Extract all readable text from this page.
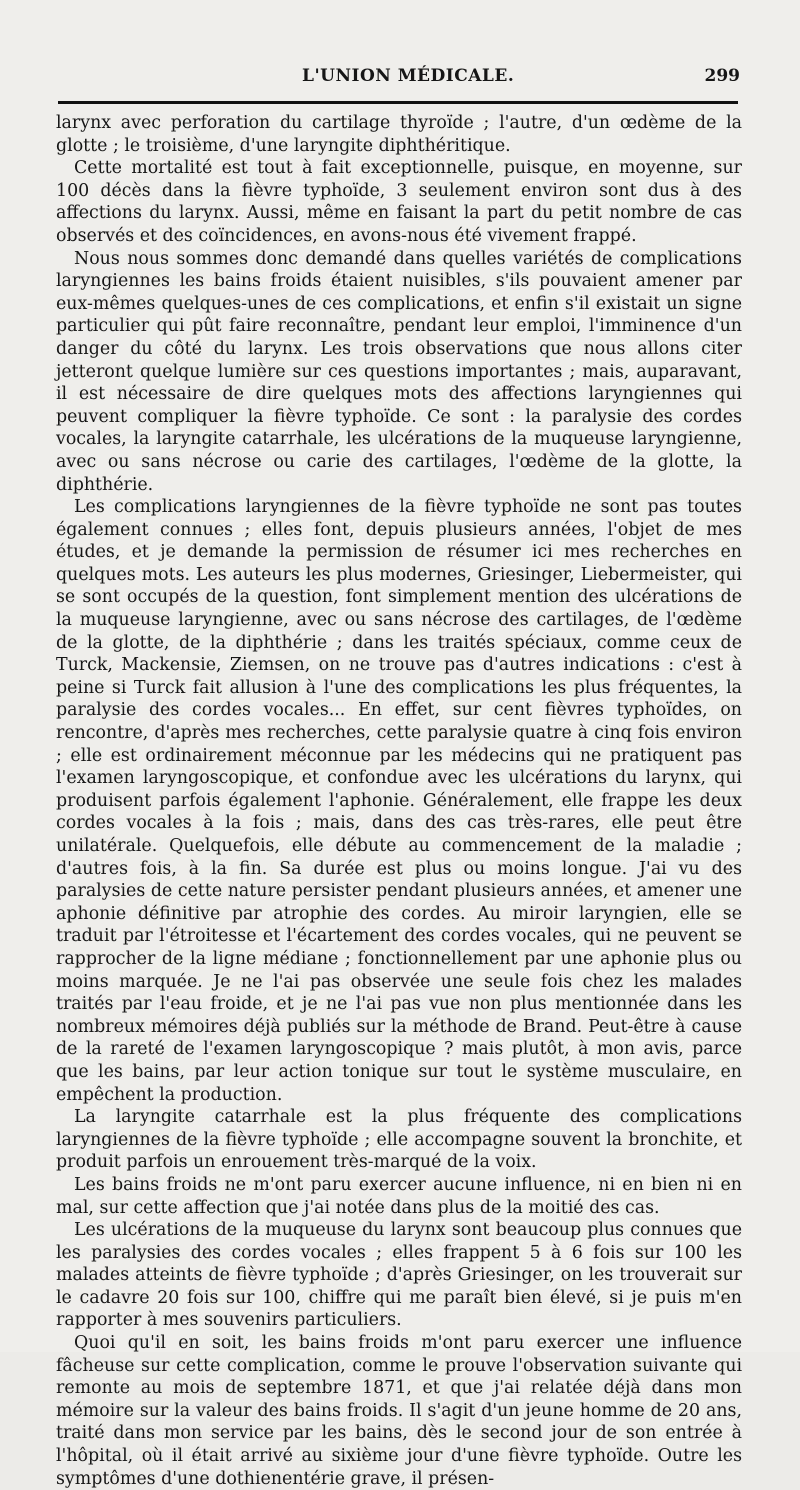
L'UNION MÉDICALE.	299

larynx avec perforation du cartilage thyroïde ; l'autre, d'un œdème de la glotte ; le troisième, d'une laryngite diphthéritique.

Cette mortalité est tout à fait exceptionnelle, puisque, en moyenne, sur 100 décès dans la fièvre typhoïde, 3 seulement environ sont dus à des affections du larynx. Aussi, même en faisant la part du petit nombre de cas observés et des coïncidences, en avons-nous été vivement frappé.

Nous nous sommes donc demandé dans quelles variétés de complications laryngiennes les bains froids étaient nuisibles, s'ils pouvaient amener par eux-mêmes quelques-unes de ces complications, et enfin s'il existait un signe particulier qui pût faire reconnaître, pendant leur emploi, l'imminence d'un danger du côté du larynx. Les trois observations que nous allons citer jetteront quelque lumière sur ces questions importantes ; mais, auparavant, il est nécessaire de dire quelques mots des affections laryngiennes qui peuvent compliquer la fièvre typhoïde. Ce sont : la paralysie des cordes vocales, la laryngite catarrhale, les ulcérations de la muqueuse laryngienne, avec ou sans nécrose ou carie des cartilages, l'œdème de la glotte, la diphthérie.

Les complications laryngiennes de la fièvre typhoïde ne sont pas toutes également connues ; elles font, depuis plusieurs années, l'objet de mes études, et je demande la permission de résumer ici mes recherches en quelques mots. Les auteurs les plus modernes, Griesinger, Liebermeister, qui se sont occupés de la question, font simplement mention des ulcérations de la muqueuse laryngienne, avec ou sans nécrose des cartilages, de l'œdème de la glotte, de la diphthérie ; dans les traités spéciaux, comme ceux de Turck, Mackensie, Ziemsen, on ne trouve pas d'autres indications : c'est à peine si Turck fait allusion à l'une des complications les plus fréquentes, la paralysie des cordes vocales... En effet, sur cent fièvres typhoïdes, on rencontre, d'après mes recherches, cette paralysie quatre à cinq fois environ ; elle est ordinairement méconnue par les médecins qui ne pratiquent pas l'examen laryngoscopique, et confondue avec les ulcérations du larynx, qui produisent parfois également l'aphonie. Généralement, elle frappe les deux cordes vocales à la fois ; mais, dans des cas très-rares, elle peut être unilatérale. Quelquefois, elle débute au commencement de la maladie ; d'autres fois, à la fin. Sa durée est plus ou moins longue. J'ai vu des paralysies de cette nature persister pendant plusieurs années, et amener une aphonie définitive par atrophie des cordes. Au miroir laryngien, elle se traduit par l'étroitesse et l'écartement des cordes vocales, qui ne peuvent se rapprocher de la ligne médiane ; fonctionnellement par une aphonie plus ou moins marquée. Je ne l'ai pas observée une seule fois chez les malades traités par l'eau froide, et je ne l'ai pas vue non plus mentionnée dans les nombreux mémoires déjà publiés sur la méthode de Brand. Peut-être à cause de la rareté de l'examen laryngoscopique ? mais plutôt, à mon avis, parce que les bains, par leur action tonique sur tout le système musculaire, en empêchent la production.

La laryngite catarrhale est la plus fréquente des complications laryngiennes de la fièvre typhoïde ; elle accompagne souvent la bronchite, et produit parfois un enrouement très-marqué de la voix.

Les bains froids ne m'ont paru exercer aucune influence, ni en bien ni en mal, sur cette affection que j'ai notée dans plus de la moitié des cas.

Les ulcérations de la muqueuse du larynx sont beaucoup plus connues que les paralysies des cordes vocales ; elles frappent 5 à 6 fois sur 100 les malades atteints de fièvre typhoïde ; d'après Griesinger, on les trouverait sur le cadavre 20 fois sur 100, chiffre qui me paraît bien élevé, si je puis m'en rapporter à mes souvenirs particuliers.

Quoi qu'il en soit, les bains froids m'ont paru exercer une influence fâcheuse sur cette complication, comme le prouve l'observation suivante qui remonte au mois de septembre 1871, et que j'ai relatée déjà dans mon mémoire sur la valeur des bains froids. Il s'agit d'un jeune homme de 20 ans, traité dans mon service par les bains, dès le second jour de son entrée à l'hôpital, où il était arrivé au sixième jour d'une fièvre typhoïde. Outre les symptômes d'une dothienentérie grave, il présen-
